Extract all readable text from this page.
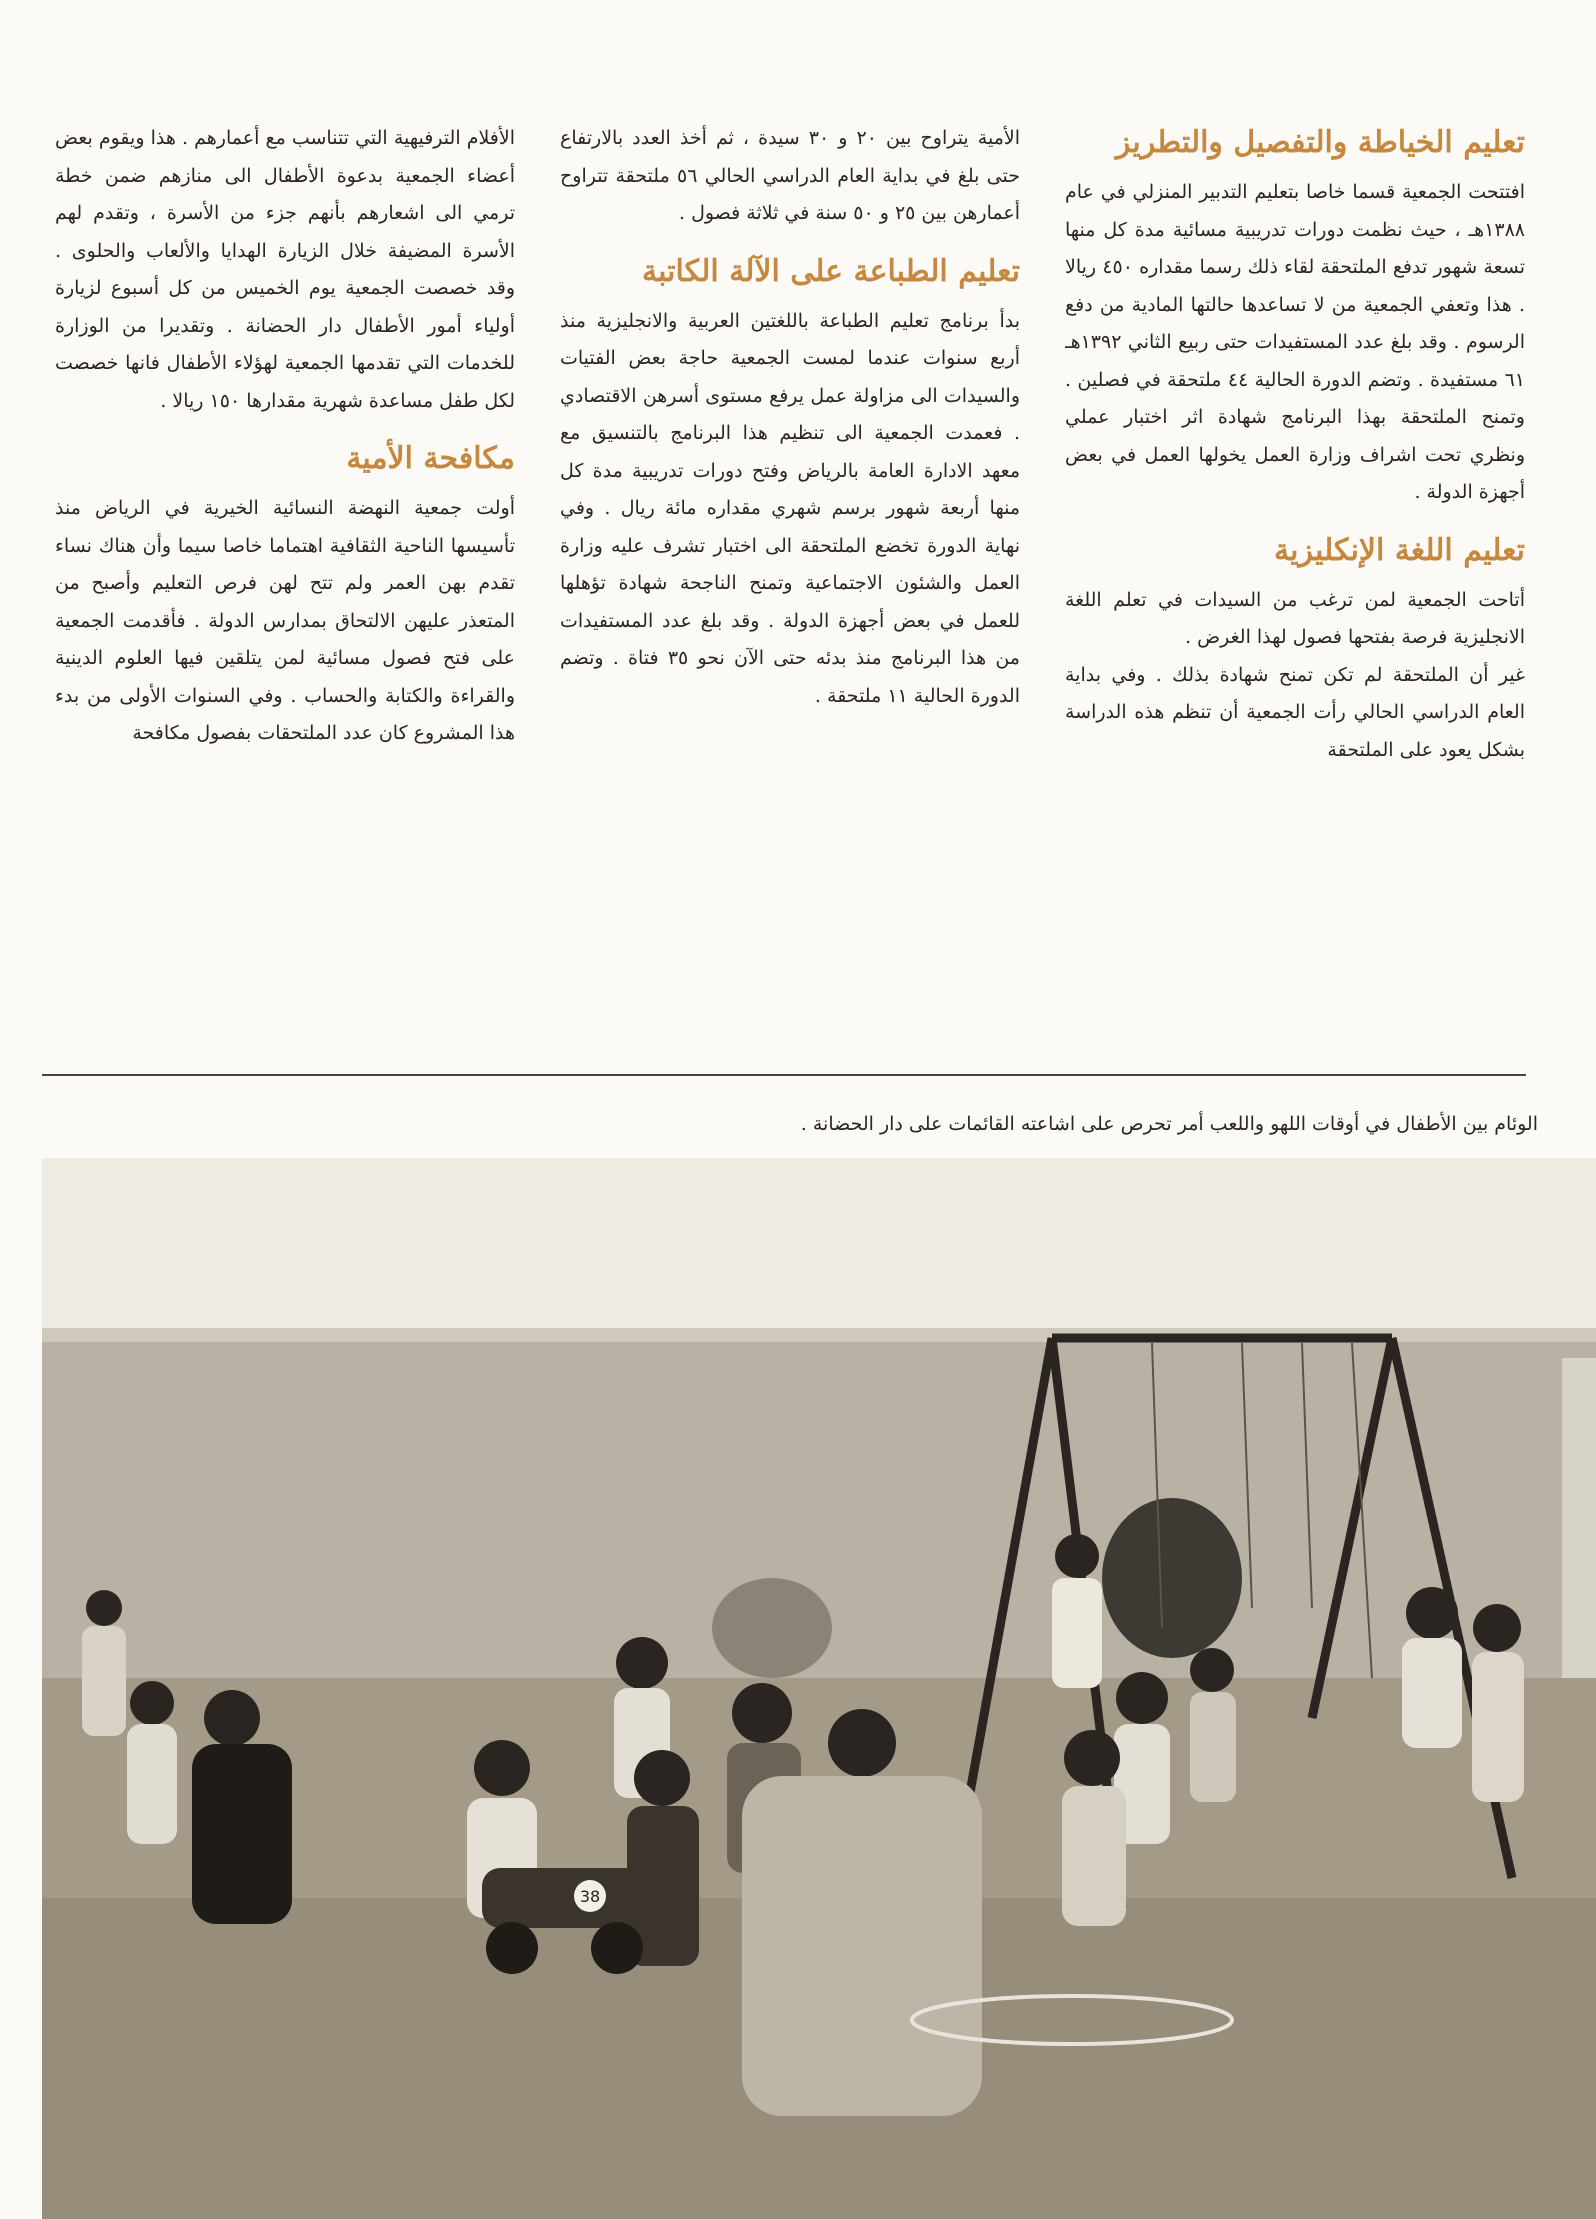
الأفلام الترفيهية التي تتناسب مع أعمارهم . هذا ويقوم بعض أعضاء الجمعية بدعوة الأطفال الى منازهم ضمن خطة ترمي الى اشعارهم بأنهم جزء من الأسرة ، وتقدم لهم الأسرة المضيفة خلال الزيارة الهدايا والألعاب والحلوى . وقد خصصت الجمعية يوم الخميس من كل أسبوع لزيارة أولياء أمور الأطفال دار الحضانة . وتقديرا من الوزارة للخدمات التي تقدمها الجمعية لهؤلاء الأطفال فانها خصصت لكل طفل مساعدة شهرية مقدارها ١٥٠ ريالا .

مكافحة الأمية

أولت جمعية النهضة النسائية الخيرية في الرياض منذ تأسيسها الناحية الثقافية اهتماما خاصا سيما وأن هناك نساء تقدم بهن العمر ولم تتح لهن فرص التعليم وأصبح من المتعذر عليهن الالتحاق بمدارس الدولة . فأقدمت الجمعية على فتح فصول مسائية لمن يتلقين فيها العلوم الدينية والقراءة والكتابة والحساب . وفي السنوات الأولى من بدء هذا المشروع كان عدد الملتحقات بفصول مكافحة

الأمية يتراوح بين ٢٠ و ٣٠ سيدة ، ثم أخذ العدد بالارتفاع حتى بلغ في بداية العام الدراسي الحالي ٥٦ ملتحقة تتراوح أعمارهن بين ٢٥ و ٥٠ سنة في ثلاثة فصول .

تعليم الطباعة على الآلة الكاتبة

بدأ برنامج تعليم الطباعة باللغتين العربية والانجليزية منذ أربع سنوات عندما لمست الجمعية حاجة بعض الفتيات والسيدات الى مزاولة عمل يرفع مستوى أسرهن الاقتصادي . فعمدت الجمعية الى تنظيم هذا البرنامج بالتنسيق مع معهد الادارة العامة بالرياض وفتح دورات تدريبية مدة كل منها أربعة شهور برسم شهري مقداره مائة ريال . وفي نهاية الدورة تخضع الملتحقة الى اختبار تشرف عليه وزارة العمل والشئون الاجتماعية وتمنح الناجحة شهادة تؤهلها للعمل في بعض أجهزة الدولة . وقد بلغ عدد المستفيدات من هذا البرنامج منذ بدئه حتى الآن نحو ٣٥ فتاة . وتضم الدورة الحالية ١١ ملتحقة .

تعليم الخياطة والتفصيل والتطريز

افتتحت الجمعية قسما خاصا بتعليم التدبير المنزلي في عام ١٣٨٨هـ ، حيث نظمت دورات تدريبية مسائية مدة كل منها تسعة شهور تدفع الملتحقة لقاء ذلك رسما مقداره ٤٥٠ ريالا . هذا وتعفي الجمعية من لا تساعدها حالتها المادية من دفع الرسوم . وقد بلغ عدد المستفيدات حتى ربيع الثاني ١٣٩٢هـ ٦١ مستفيدة . وتضم الدورة الحالية ٤٤ ملتحقة في فصلين . وتمنح الملتحقة بهذا البرنامج شهادة اثر اختبار عملي ونظري تحت اشراف وزارة العمل يخولها العمل في بعض أجهزة الدولة .

تعليم اللغة الإنكليزية

أتاحت الجمعية لمن ترغب من السيدات في تعلم اللغة الانجليزية فرصة بفتحها فصول لهذا الغرض .

غير أن الملتحقة لم تكن تمنح شهادة بذلك . وفي بداية العام الدراسي الحالي رأت الجمعية أن تنظم هذه الدراسة بشكل يعود على الملتحقة

الوئام بين الأطفال في أوقات اللهو واللعب أمر تحرص على اشاعته القائمات على دار الحضانة .
38
